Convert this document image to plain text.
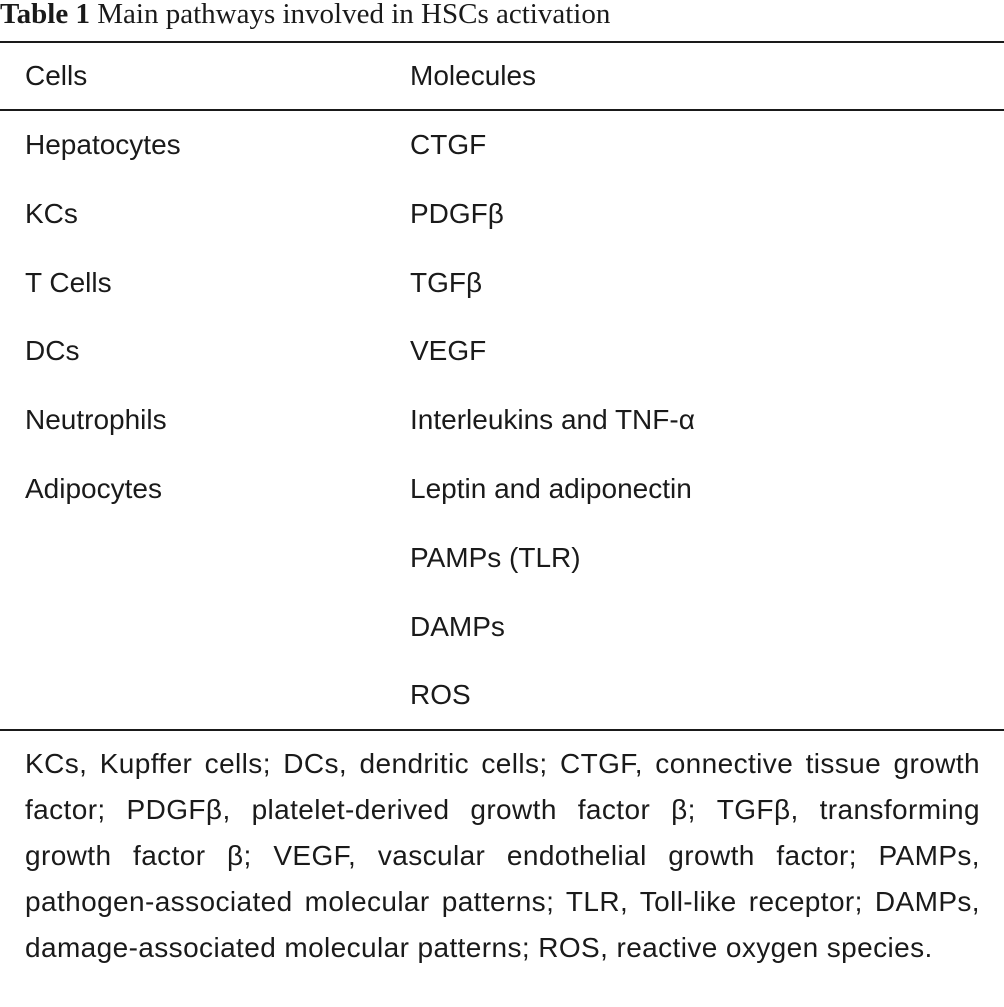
Table 1 Main pathways involved in HSCs activation
Cells	Molecules
Hepatocytes
KCs
T Cells
DCs
Neutrophils
Adipocytes
CTGF
PDGFβ
TGFβ
VEGF
Interleukins and TNF-α
Leptin and adiponectin
PAMPs (TLR)
DAMPs
ROS
KCs, Kupffer cells; DCs, dendritic cells; CTGF, connective tissue growth factor; PDGFβ, platelet-derived growth factor β; TGFβ, transforming growth factor β; VEGF, vascular endothelial growth factor; PAMPs, pathogen-associated molecular patterns; TLR, Toll-like receptor; DAMPs, damage-associated molecular patterns; ROS, reactive oxygen species.
